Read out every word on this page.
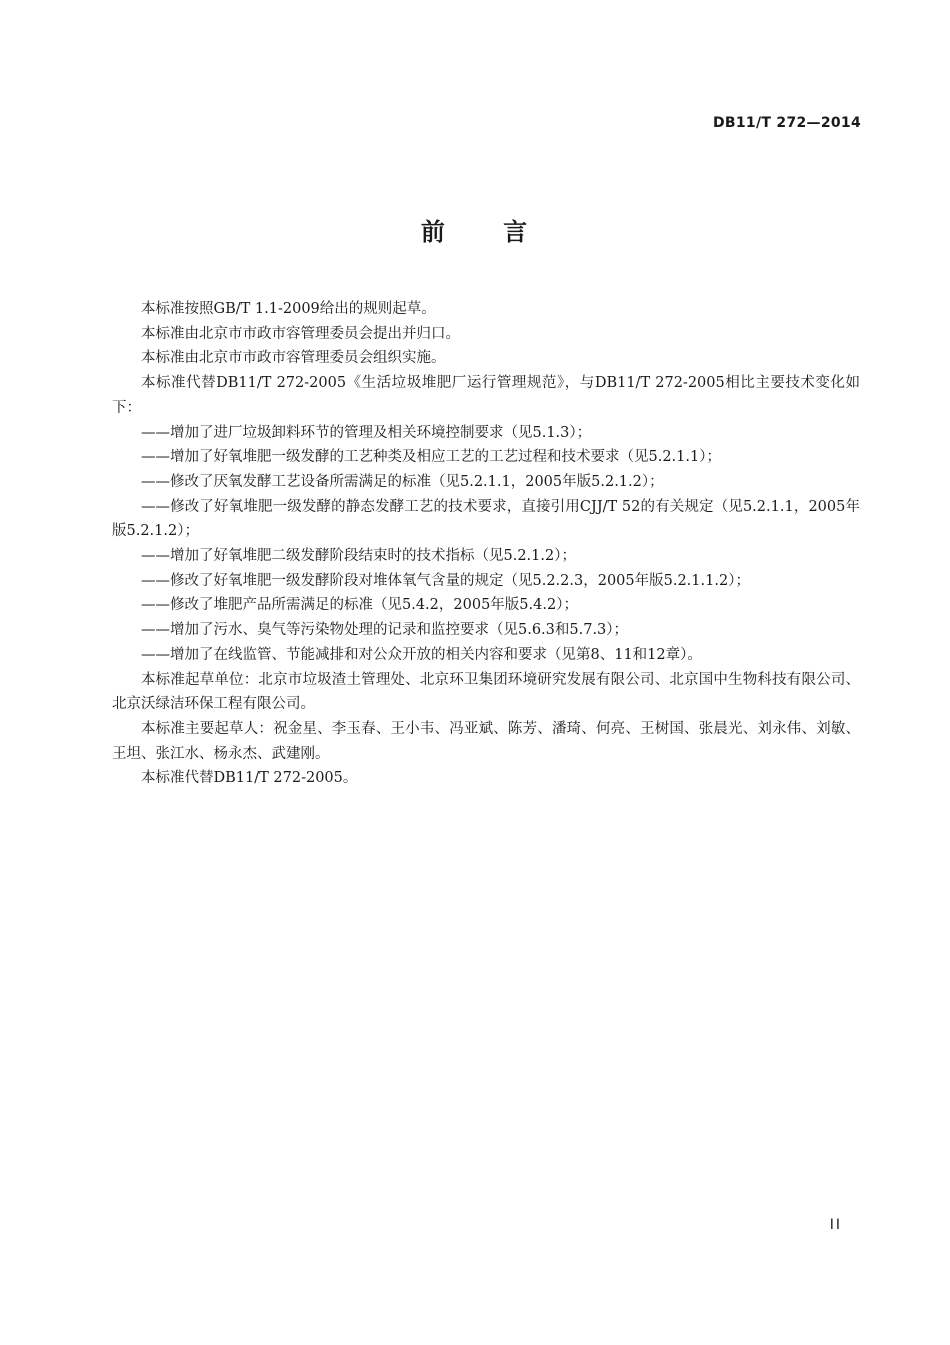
DB11/T 272—2014
前 言

本标准按照GB/T 1.1-2009给出的规则起草。

本标准由北京市市政市容管理委员会提出并归口。

本标准由北京市市政市容管理委员会组织实施。

本标准代替DB11/T 272-2005《生活垃圾堆肥厂运行管理规范》，与DB11/T 272-2005相比主要技术变化如下：

——增加了进厂垃圾卸料环节的管理及相关环境控制要求（见5.1.3）；

——增加了好氧堆肥一级发酵的工艺种类及相应工艺的工艺过程和技术要求（见5.2.1.1）；

——修改了厌氧发酵工艺设备所需满足的标准（见5.2.1.1，2005年版5.2.1.2）；

——修改了好氧堆肥一级发酵的静态发酵工艺的技术要求，直接引用CJJ/T 52的有关规定（见5.2.1.1，2005年版5.2.1.2）；

——增加了好氧堆肥二级发酵阶段结束时的技术指标（见5.2.1.2）；

——修改了好氧堆肥一级发酵阶段对堆体氧气含量的规定（见5.2.2.3，2005年版5.2.1.1.2）；

——修改了堆肥产品所需满足的标准（见5.4.2，2005年版5.4.2）；

——增加了污水、臭气等污染物处理的记录和监控要求（见5.6.3和5.7.3）；

——增加了在线监管、节能减排和对公众开放的相关内容和要求（见第8、11和12章）。

本标准起草单位：北京市垃圾渣土管理处、北京环卫集团环境研究发展有限公司、北京国中生物科技有限公司、北京沃绿洁环保工程有限公司。

本标准主要起草人：祝金星、李玉春、王小韦、冯亚斌、陈芳、潘琦、何亮、王树国、张晨光、刘永伟、刘敏、王坦、张江水、杨永杰、武建刚。

本标准代替DB11/T 272-2005。

II
